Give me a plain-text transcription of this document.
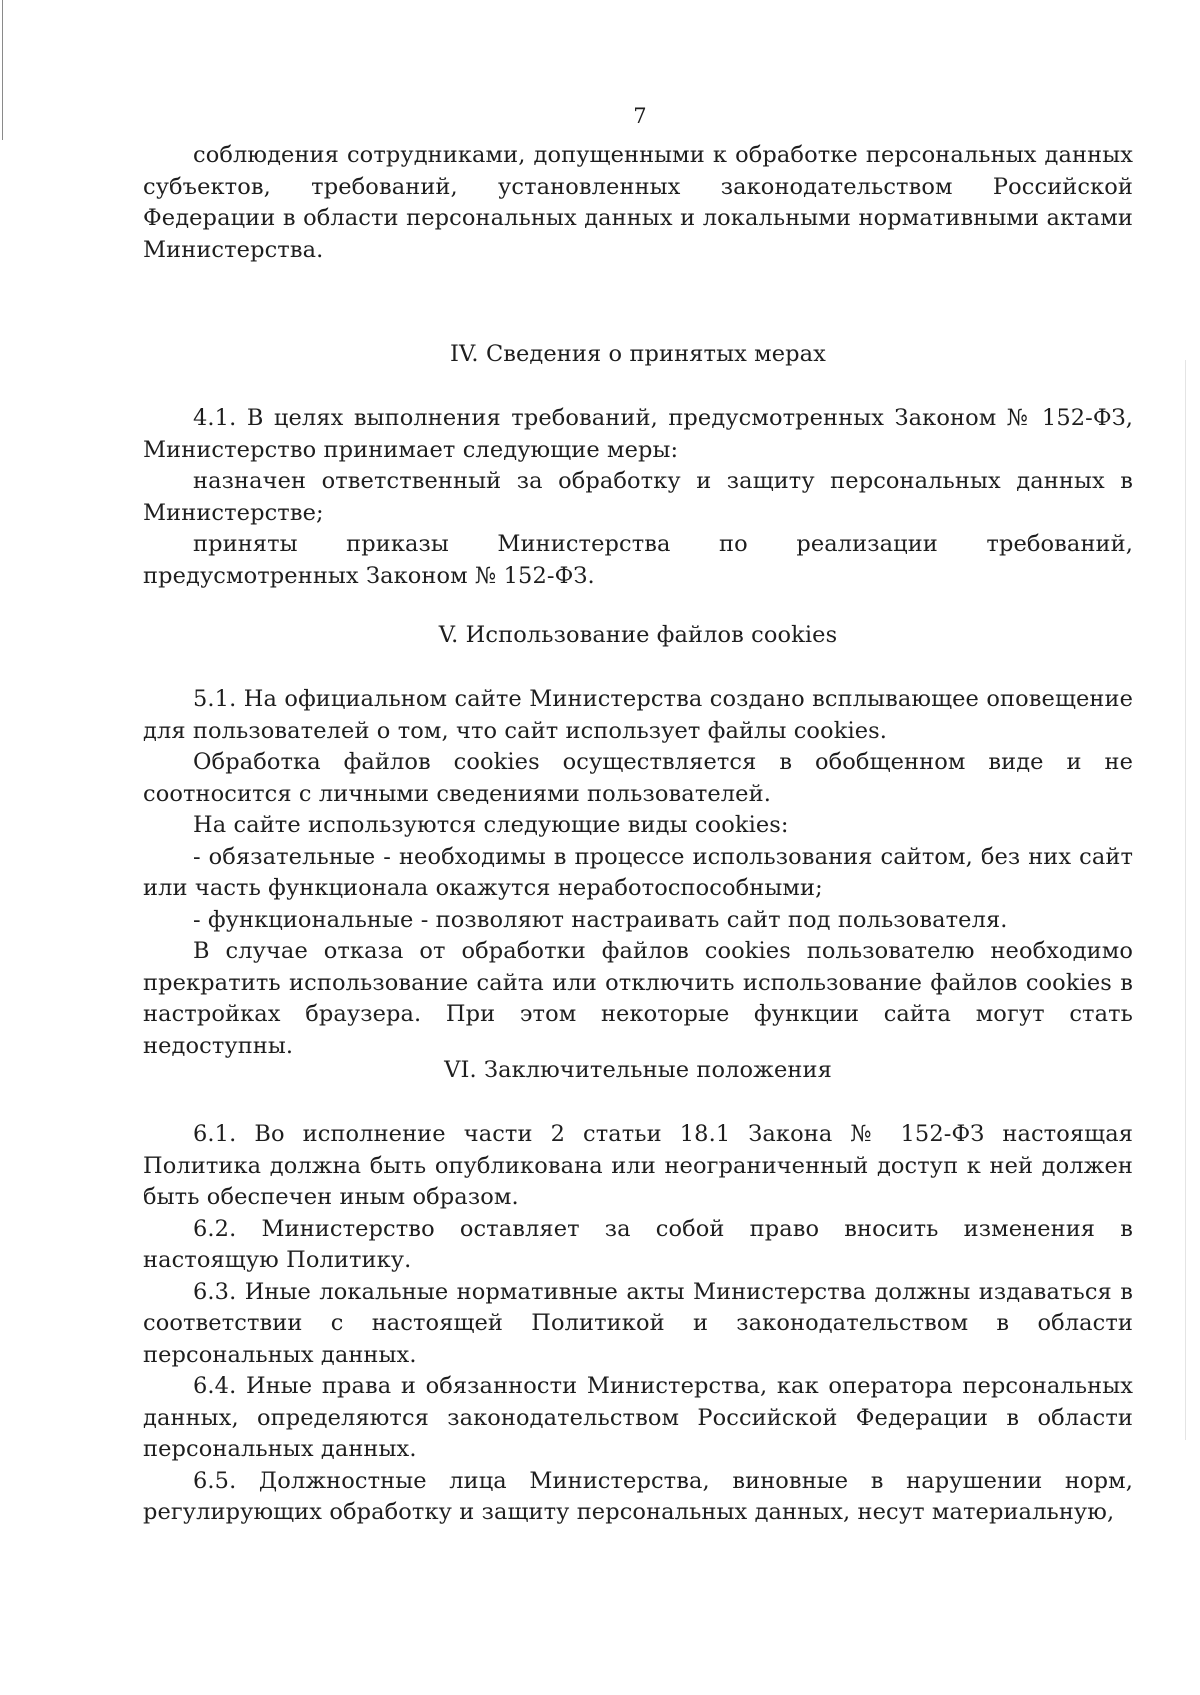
7

соблюдения сотрудниками, допущенными к обработке персональных данных субъектов, требований, установленных законодательством Российской Федерации в области персональных данных и локальными нормативными актами Министерства.

IV. Сведения о принятых мерах

4.1. В целях выполнения требований, предусмотренных Законом № 152-ФЗ, Министерство принимает следующие меры:

назначен ответственный за обработку и защиту персональных данных в Министерстве;

приняты приказы Министерства по реализации требований, предусмотренных Законом № 152-ФЗ.

V. Использование файлов cookies

5.1. На официальном сайте Министерства создано всплывающее оповещение для пользователей о том, что сайт использует файлы cookies.

Обработка файлов cookies осуществляется в обобщенном виде и не соотносится с личными сведениями пользователей.

На сайте используются следующие виды cookies:

- обязательные - необходимы в процессе использования сайтом, без них сайт или часть функционала окажутся неработоспособными;

- функциональные - позволяют настраивать сайт под пользователя.

В случае отказа от обработки файлов cookies пользователю необходимо прекратить использование сайта или отключить использование файлов cookies в настройках браузера. При этом некоторые функции сайта могут стать недоступны.

VI. Заключительные положения

6.1. Во исполнение части 2 статьи 18.1 Закона № 152-ФЗ настоящая Политика должна быть опубликована или неограниченный доступ к ней должен быть обеспечен иным образом.

6.2. Министерство оставляет за собой право вносить изменения в настоящую Политику.

6.3. Иные локальные нормативные акты Министерства должны издаваться в соответствии с настоящей Политикой и законодательством в области персональных данных.

6.4. Иные права и обязанности Министерства, как оператора персональных данных, определяются законодательством Российской Федерации в области персональных данных.

6.5. Должностные лица Министерства, виновные в нарушении норм, регулирующих обработку и защиту персональных данных, несут материальную,
